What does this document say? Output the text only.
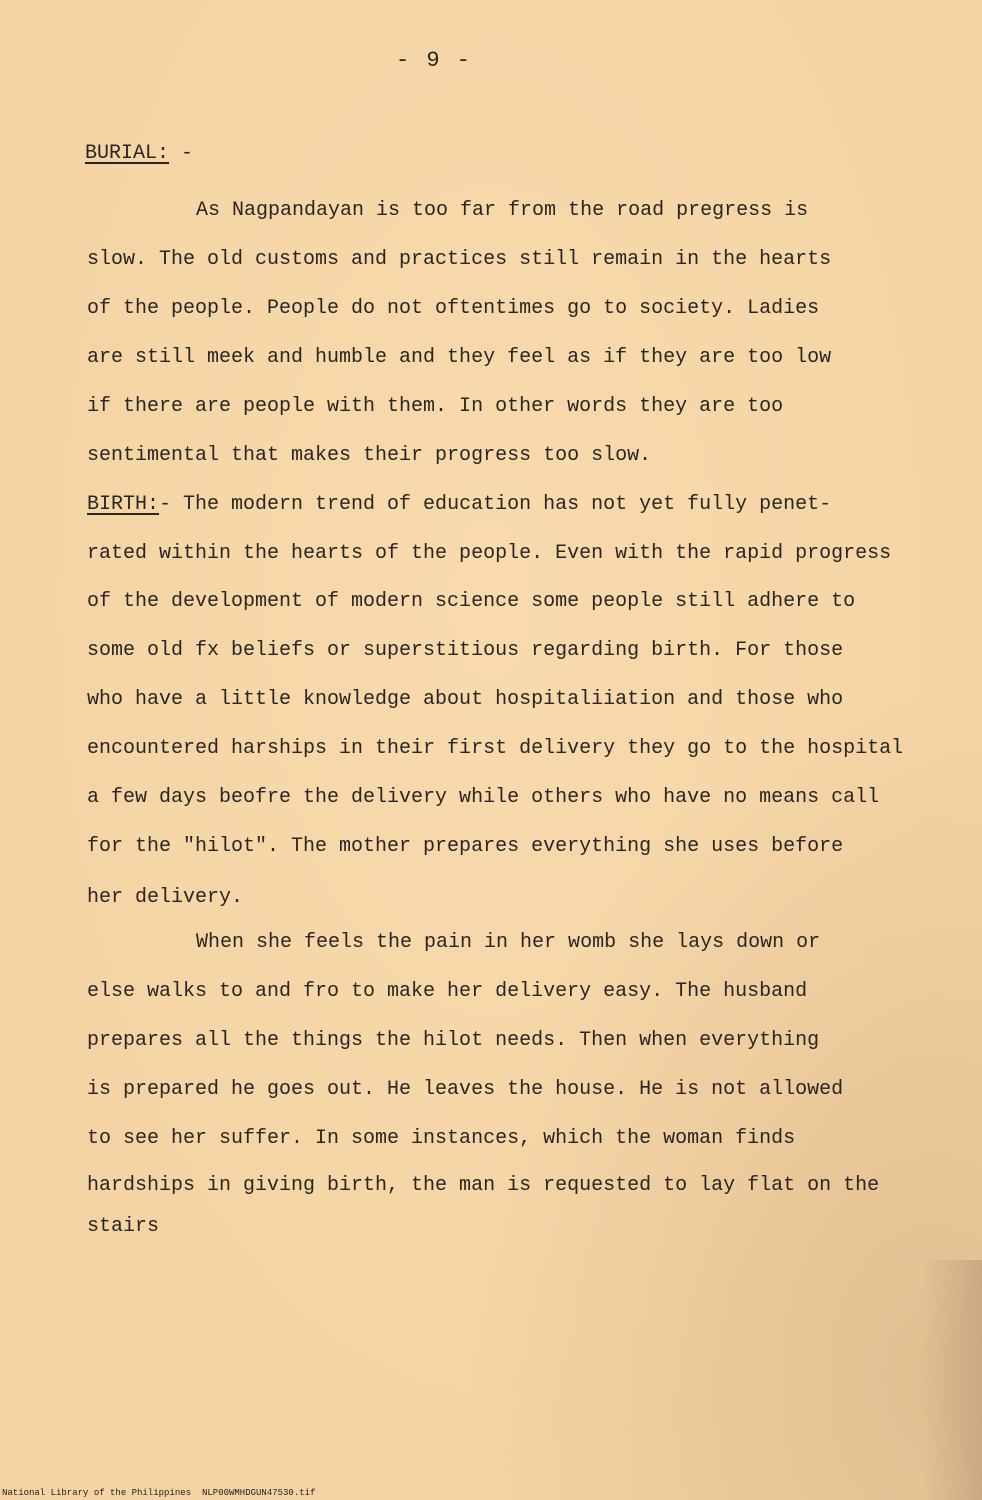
- 9 -
BURIAL: -
As Nagpandayan is too far from the road pregress is
slow. The old customs and practices still remain in the hearts
of the people. People do not oftentimes go to society. Ladies
are still meek and humble and they feel as if they are too low
if there are people with them. In other words they are too
sentimental that makes their progress too slow.
BIRTH:- The modern trend of education has not yet fully penet-
rated within the hearts of the people. Even with the rapid progress
of the development of modern science some people still adhere to
some old fx beliefs or superstitious regarding birth. For those
who have a little knowledge about hospitaliiation and those who
encountered harships in their first delivery they go to the hospital
a few days beofre the delivery while others who have no means call
for the "hilot". The mother prepares everything she uses before
her delivery.
When she feels the pain in her womb she lays down or
else walks to and fro to make her delivery easy. The husband
prepares all the things the hilot needs. Then when everything
is prepared he goes out. He leaves the house. He is not allowed
to see her suffer. In some instances, which the woman finds
hardships in giving birth, the man is requested to lay flat on the
stairs
National Library of the Philippines NLP00WMHDGUN47530.tif
